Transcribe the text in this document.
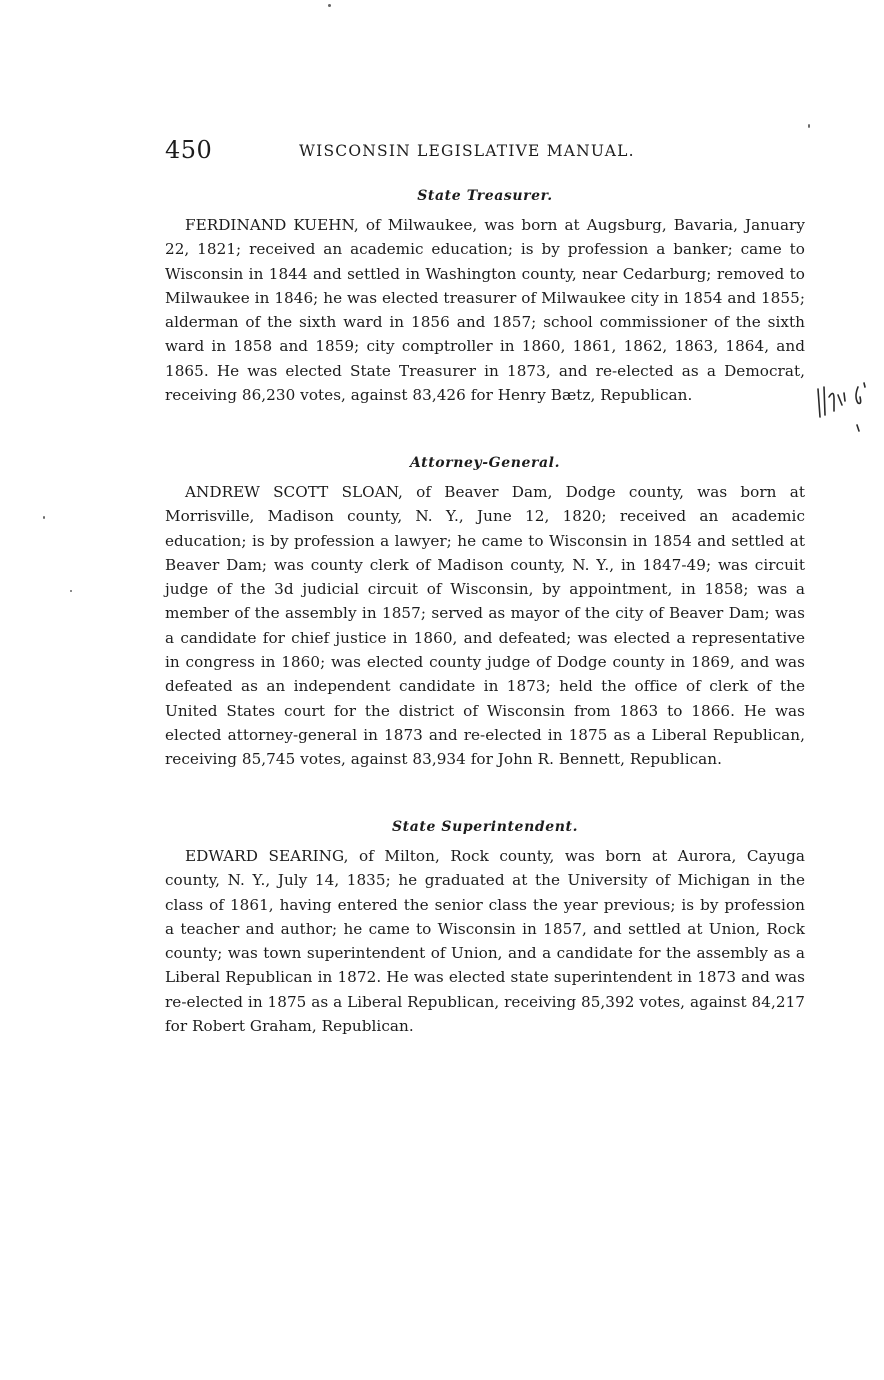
450	WISCONSIN LEGISLATIVE MANUAL.
State Treasurer.

FERDINAND KUEHN, of Milwaukee, was born at Augsburg, Bavaria, January 22, 1821; received an academic education; is by profession a banker; came to Wisconsin in 1844 and settled in Washington county, near Cedarburg; removed to Milwaukee in 1846; he was elected treasurer of Milwaukee city in 1854 and 1855; alderman of the sixth ward in 1856 and 1857; school commissioner of the sixth ward in 1858 and 1859; city comptroller in 1860, 1861, 1862, 1863, 1864, and 1865. He was elected State Treasurer in 1873, and re-elected as a Democrat, receiving 86,230 votes, against 83,426 for Henry Bætz, Republican.

Attorney-General.

ANDREW SCOTT SLOAN, of Beaver Dam, Dodge county, was born at Morrisville, Madison county, N. Y., June 12, 1820; received an academic education; is by profession a lawyer; he came to Wisconsin in 1854 and settled at Beaver Dam; was county clerk of Madison county, N. Y., in 1847-49; was circuit judge of the 3d judicial circuit of Wisconsin, by appointment, in 1858; was a member of the assembly in 1857; served as mayor of the city of Beaver Dam; was a candidate for chief justice in 1860, and defeated; was elected a representative in congress in 1860; was elected county judge of Dodge county in 1869, and was defeated as an independent candidate in 1873; held the office of clerk of the United States court for the district of Wisconsin from 1863 to 1866. He was elected attorney-general in 1873 and re-elected in 1875 as a Liberal Republican, receiving 85,745 votes, against 83,934 for John R. Bennett, Republican.

State Superintendent.

EDWARD SEARING, of Milton, Rock county, was born at Aurora, Cayuga county, N. Y., July 14, 1835; he graduated at the University of Michigan in the class of 1861, having entered the senior class the year previous; is by profession a teacher and author; he came to Wisconsin in 1857, and settled at Union, Rock county; was town superintendent of Union, and a candidate for the assembly as a Liberal Republican in 1872. He was elected state superintendent in 1873 and was re-elected in 1875 as a Liberal Republican, receiving 85,392 votes, against 84,217 for Robert Graham, Republican.
